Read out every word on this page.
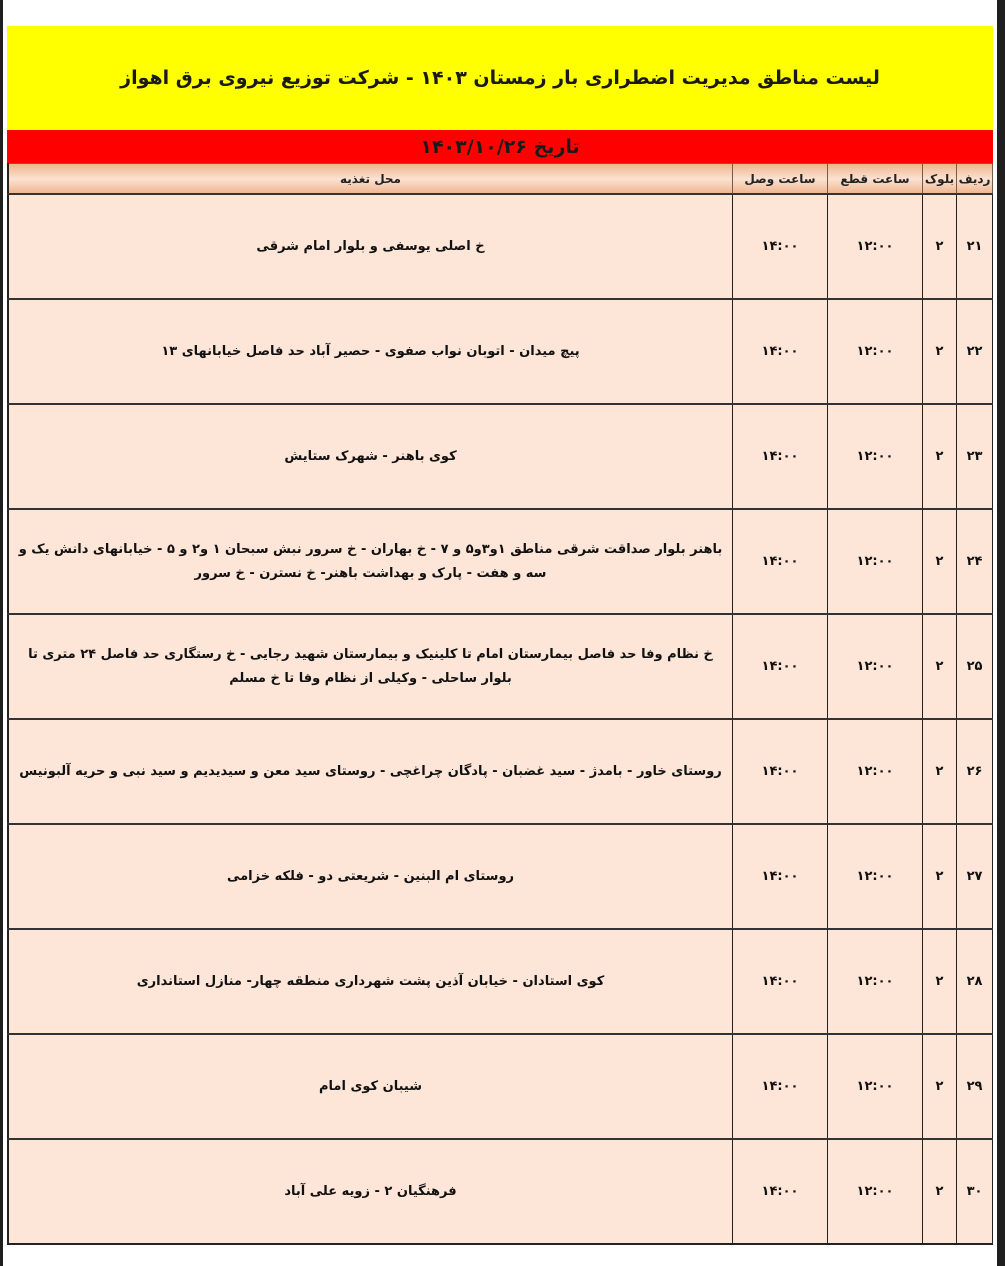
لیست مناطق مدیریت اضطراری بار زمستان ۱۴۰۳ - شرکت توزیع نیروی برق اهواز
تاریخ ۱۴۰۳/۱۰/۲۶
ردیف	بلوک	ساعت قطع	ساعت وصل	محل تغذیه
۲۱	۲	۱۲:۰۰	۱۴:۰۰	خ اصلی یوسفی و بلوار امام شرقی
۲۲	۲	۱۲:۰۰	۱۴:۰۰	پیچ میدان - اتوبان نواب صفوی - حصیر آباد حد فاصل خیابانهای ۱۳
۲۳	۲	۱۲:۰۰	۱۴:۰۰	کوی باهنر - شهرک ستایش
۲۴	۲	۱۲:۰۰	۱۴:۰۰	باهنر بلوار صداقت شرقی مناطق ۱و۳و۵ و ۷ - خ بهاران - خ سرور نبش سبحان ۱ و۲ و ۵ - خیابانهای دانش یک و سه و هفت - پارک و بهداشت باهنر- خ نسترن - خ سرور
۲۵	۲	۱۲:۰۰	۱۴:۰۰	خ نظام وفا حد فاصل بیمارستان امام تا کلینیک و بیمارستان شهید رجایی - خ رستگاری حد فاصل ۲۴ متری تا بلوار ساحلی - وکیلی از نظام وفا تا خ مسلم
۲۶	۲	۱۲:۰۰	۱۴:۰۰	روستای خاور - بامدژ - سید غضبان - پادگان چراغچی - روستای سید معن و سیدیدیم و سید نبی و حریه آلبونیس
۲۷	۲	۱۲:۰۰	۱۴:۰۰	روستای ام البنین - شریعتی دو - فلکه خزامی
۲۸	۲	۱۲:۰۰	۱۴:۰۰	کوی استادان - خیابان آذین پشت شهرداری منطقه چهار- منازل استانداری
۲۹	۲	۱۲:۰۰	۱۴:۰۰	شیبان کوی امام
۳۰	۲	۱۲:۰۰	۱۴:۰۰	فرهنگیان ۲ - زویه علی آباد
